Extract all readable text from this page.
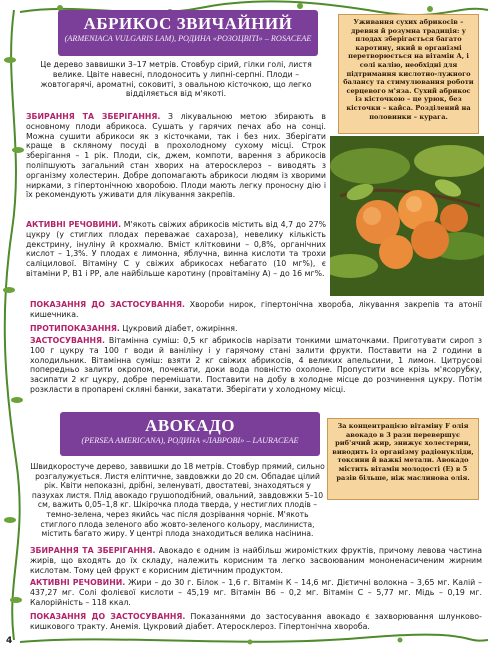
АБРИКОС ЗВИЧАЙНИЙ
(ARMENIACA VULGARIS LAM), РОДИНА «РОЗОЦВІТІ» – ROSACEAE
Уживання сухих абрикосів – древня й розумна традиція: у плодах зберігається багато каротину, який в організмі перетворюється на вітамін А, і солі калію, необхідні для підтримання кислотно-лужного балансу та стимулювання роботи серцевого м'яза. Сухий абрикос із кісточкою – це урюк, без кісточки – кайса. Розділений на половинки – курага.

Це дерево заввишки 3–17 метрів. Стовбур сірий, гілки голі, листя велике. Цвіте навесні, плодоносить у липні-серпні. Плоди – жовтогарячі, ароматні, соковиті, з овальною кісточкою, що легко відділяється від м'якоті.

ЗБИРАННЯ ТА ЗБЕРІГАННЯ. З лікувальною метою збирають в основному плоди абрикоса. Сушать у гарячих печах або на сонці. Можна сушити абрикоси як з кісточками, так і без них. Зберігати краще в скляному посуді в прохолодному сухому місці. Строк зберігання – 1 рік. Плоди, сік, джем, компоти, варення з абрикосів поліпшують загальний стан хворих на атеросклероз – виводять з організму холестерин. Добре допомагають абрикоси людям із хворими нирками, з гіпертонічною хворобою. Плоди мають легку проносну дію і їх рекомендують уживати для лікування закрепів.

АКТИВНІ РЕЧОВИНИ. М'якоть свіжих абрикосів містить від 4,7 до 27% цукру (у стиглих плодах переважає сахароза), невелику кількість декстрину, інуліну й крохмалю. Вміст клітковини – 0,8%, органічних кислот – 1,3%. У плодах є лимонна, яблучна, винна кислоти та трохи саліцилової. Вітаміну С у свіжих абрикосах небагато (10 мг%), є вітаміни Р, В1 і РР, але найбільше каротину (провітаміну А) – до 16 мг%.

ПОКАЗАННЯ ДО ЗАСТОСУВАННЯ. Хвороби нирок, гіпертонічна хвороба, лікування закрепів та атонії кишечника.

ПРОТИПОКАЗАННЯ. Цукровий діабет, ожиріння.

ЗАСТОСУВАННЯ. Вітамінна суміш: 0,5 кг абрикосів нарізати тонкими шматочками. Приготувати сироп з 100 г цукру та 100 г води й ваніліну і у гарячому стані залити фрукти. Поставити на 2 години в холодильник. Вітамінна суміш: взяти 2 кг свіжих абрикосів, 4 великих апельсини, 1 лимон. Цитрусові попередньо залити окропом, почекати, доки вода повністю охолоне. Пропустити все крізь м'ясорубку, засипати 2 кг цукру, добре перемішати. Поставити на добу в холодне місце до розчинення цукру. Потім розкласти в пропарені скляні банки, закатати. Зберігати у холодному місці.

АВОКАДО
(PERSEA AMERICANA), РОДИНА «ЛАВРОВІ» – LAURACEAE
За концентрацією вітаміну F олія авокадо в 3 рази перевершує риб'ячий жир, знижує холестерин, виводить із організму радіонукліди, токсини й важкі метали. Авокадо містить вітамін молодості (Е) в 5 разів більше, ніж маслинова олія.

Швидкоростуче дерево, заввишки до 18 метрів. Стовбур прямий, сильно розгалужується. Листя еліптичне, завдовжки до 20 см. Обпадає цілий рік. Квіти непоказні, дрібні, зеленуваті, двостатеві, знаходяться у пазухах листя. Плід авокадо грушоподібний, овальний, завдовжки 5–10 см, важить 0,05–1,8 кг. Шкірочка плода тверда, у нестиглих плодів – темно-зелена, через якийсь час після дозрівання чорніє. М'якоть стиглого плода зеленого або жовто-зеленого кольору, маслиниста, містить багато жиру. У центрі плода знаходиться велика насінина.

ЗБИРАННЯ ТА ЗБЕРІГАННЯ. Авокадо є одним із найбільш жиромістких фруктів, причому левова частина жирів, що входять до їх складу, належить корисним та легко засвоюваним мононенасиченим жирним кислотам. Тому цей фрукт є корисним дієтичним продуктом.

АКТИВНІ РЕЧОВИНИ. Жири – до 30 г. Білок – 1,6 г. Вітамін К – 14,6 мг. Дієтичні волокна – 3,65 мг. Калій – 437,27 мг. Солі фолієвої кислоти – 45,19 мг. Вітамін В6 – 0,2 мг. Вітамін С – 5,77 мг. Мідь – 0,19 мг. Калорійність – 118 ккал.

ПОКАЗАННЯ ДО ЗАСТОСУВАННЯ. Показаннями до застосування авокадо є захворювання шлунково-кишкового тракту. Анемія. Цукровий діабет. Атеросклероз. Гіпертонічна хвороба.

4
